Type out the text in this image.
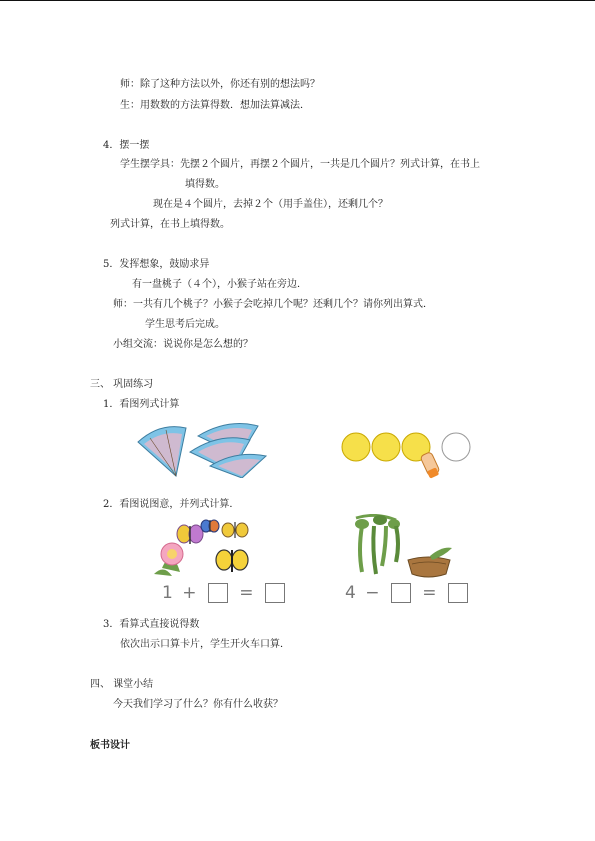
师：除了这种方法以外，你还有别的想法吗？
生：用数数的方法算得数．想加法算减法．
4．摆一摆
学生摆学具：先摆２个圆片，再摆２个圆片，一共是几个圆片？列式计算，在书上
填得数。
现在是４个圆片，去掉２个（用手盖住），还剩几个？
列式计算，在书上填得数。
5．发挥想象，鼓励求异
有一盘桃子（４个），小猴子站在旁边．
师：一共有几个桃子？小猴子会吃掉几个呢？还剩几个？请你列出算式．
学生思考后完成。
小组交流：说说你是怎么想的？
三、 巩固练习
1．看图列式计算
2．看图说图意，并列式计算．
1 +	=	4 −	=
3．看算式直接说得数
依次出示口算卡片，学生开火车口算．
四、 课堂小结
今天我们学习了什么？你有什么收获？
板书设计
